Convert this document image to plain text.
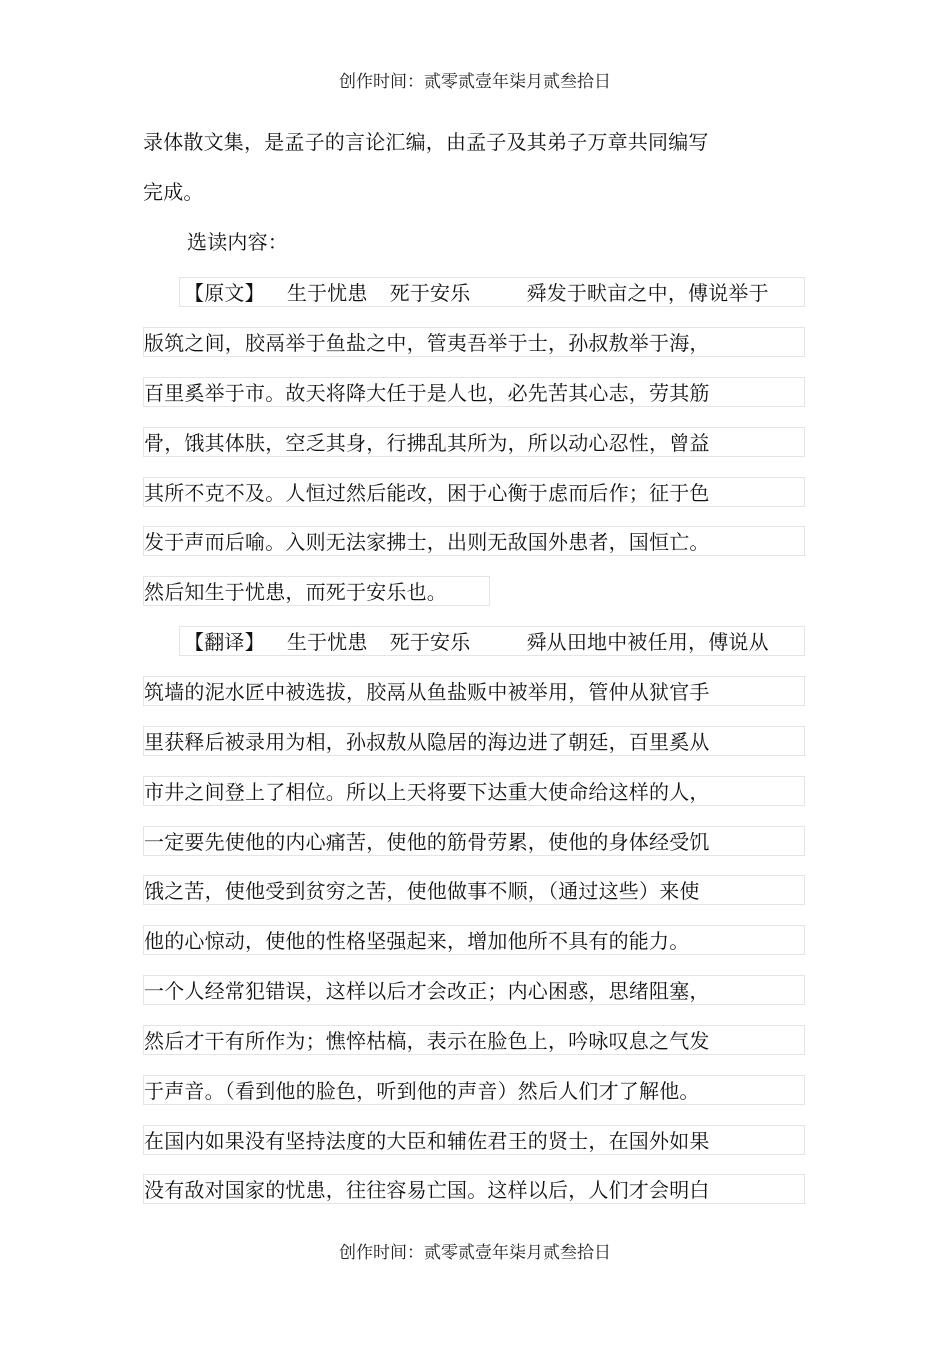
创作时间：贰零贰壹年柒月贰叁拾日
录体散文集，是孟子的言论汇编，由孟子及其弟子万章共同编写
完成。
选读内容：
【原文】 生于忧患 死于安乐	舜发于畎亩之中，傅说举于
版筑之间，胶鬲举于鱼盐之中，管夷吾举于士，孙叔敖举于海，
百里奚举于市。故天将降大任于是人也，必先苦其心志，劳其筋
骨，饿其体肤，空乏其身，行拂乱其所为，所以动心忍性，曾益
其所不克不及。人恒过然后能改，困于心衡于虑而后作；征于色
发于声而后喻。入则无法家拂士，出则无敌国外患者，国恒亡。
然后知生于忧患，而死于安乐也。
【翻译】 生于忧患 死于安乐	舜从田地中被任用，傅说从
筑墙的泥水匠中被选拔，胶鬲从鱼盐贩中被举用，管仲从狱官手
里获释后被录用为相，孙叔敖从隐居的海边进了朝廷，百里奚从
市井之间登上了相位。所以上天将要下达重大使命给这样的人，
一定要先使他的内心痛苦，使他的筋骨劳累，使他的身体经受饥
饿之苦，使他受到贫穷之苦，使他做事不顺，（通过这些）来使
他的心惊动，使他的性格坚强起来，增加他所不具有的能力。
一个人经常犯错误，这样以后才会改正；内心困惑，思绪阻塞，
然后才干有所作为；憔悴枯槁，表示在脸色上，吟咏叹息之气发
于声音。（看到他的脸色，听到他的声音）然后人们才了解他。
在国内如果没有坚持法度的大臣和辅佐君王的贤士，在国外如果
没有敌对国家的忧患，往往容易亡国。这样以后，人们才会明白
创作时间：贰零贰壹年柒月贰叁拾日
